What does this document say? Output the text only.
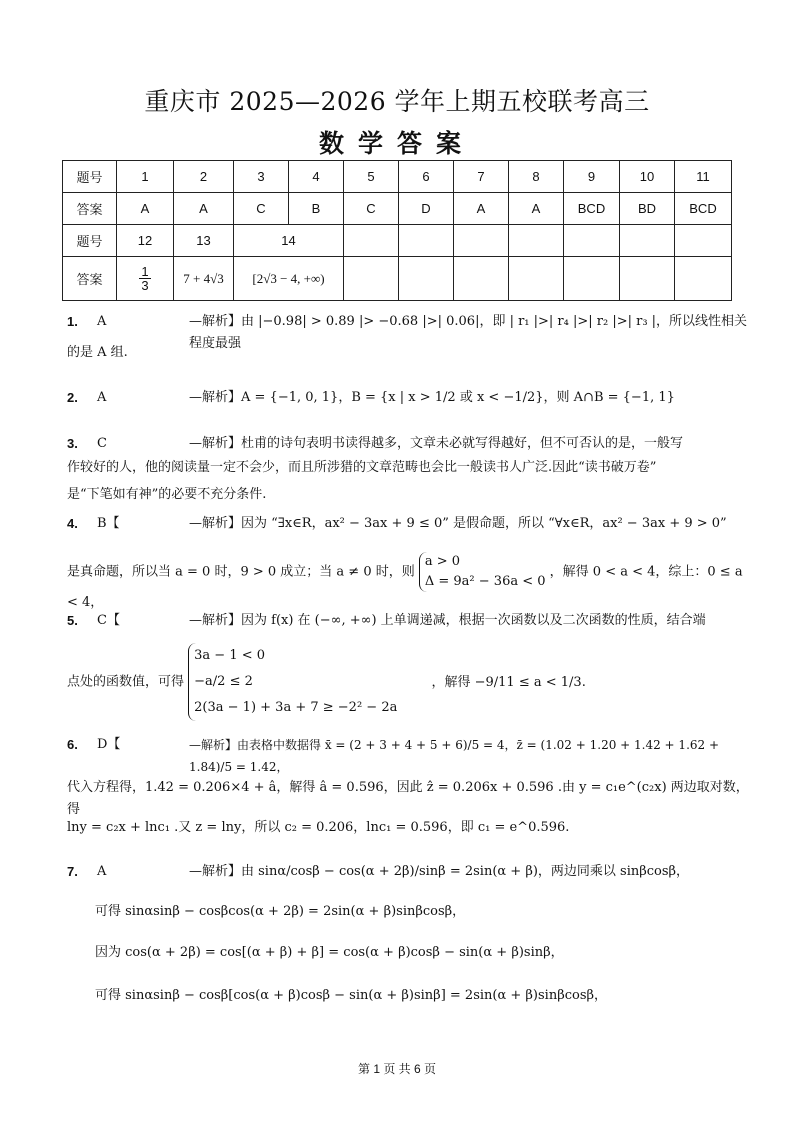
重庆市 2025—2026 学年上期五校联考高三
数学答案
题号	1	2	3	4	5	6	7	8	9	10	11
答案	A	A	C	B	C	D	A	A	BCD	BD	BCD
题号	12	13	14								
答案	$\frac{1}{3}$	7 + 4√3	[2√3 − 4, +∞)								
1. A	—解析】由 |−0.98| > 0.89 |> −0.68 |>| 0.06|，即 | r₁ |>| r₄ |>| r₂ |>| r₃ |，所以线性相关程度最强
的是 A 组.
2. A	—解析】A = {−1, 0, 1}，B = {x | x > 1/2 或 x < −1/2}，则 A∩B = {−1, 1}
3. C	—解析】杜甫的诗句表明书读得越多，文章未必就写得越好，但不可否认的是，一般写
作较好的人，他的阅读量一定不会少，而且所涉猎的文章范畴也会比一般读书人广泛.因此“读书破万卷”
是“下笔如有神”的必要不充分条件.
4. B【	—解析】因为 “∃x∈R，ax² − 3ax + 9 ≤ 0” 是假命题，所以 “∀x∈R，ax² − 3ax + 9 > 0”
是真命题，所以当 a = 0 时，9 > 0 成立；当 a ≠ 0 时，则
a > 0
Δ = 9a² − 36a < 0
，解得 0 < a < 4，综上：0 ≤ a < 4，
5. C【	—解析】因为 f(x) 在 (−∞, +∞) 上单调递减，根据一次函数以及二次函数的性质，结合端
点处的函数值，可得
3a − 1 < 0
−a/2 ≤ 2
2(3a − 1) + 3a + 7 ≥ −2² − 2a
，解得 −9/11 ≤ a < 1/3.
6. D【	—解析】由表格中数据得 x̄ = (2 + 3 + 4 + 5 + 6)/5 = 4，z̄ = (1.02 + 1.20 + 1.42 + 1.62 + 1.84)/5 = 1.42，
代入方程得，1.42 = 0.206×4 + â，解得 â = 0.596，因此 ẑ = 0.206x + 0.596 .由 y = c₁e^(c₂x) 两边取对数，得
lny = c₂x + lnc₁ .又 z = lny，所以 c₂ = 0.206，lnc₁ = 0.596，即 c₁ = e^0.596.
7. A	—解析】由 sinα/cosβ − cos(α + 2β)/sinβ = 2sin(α + β)，两边同乘以 sinβcosβ，
可得 sinαsinβ − cosβcos(α + 2β) = 2sin(α + β)sinβcosβ，
因为 cos(α + 2β) = cos[(α + β) + β] = cos(α + β)cosβ − sin(α + β)sinβ，
可得 sinαsinβ − cosβ[cos(α + β)cosβ − sin(α + β)sinβ] = 2sin(α + β)sinβcosβ，
第 1 页 共 6 页
